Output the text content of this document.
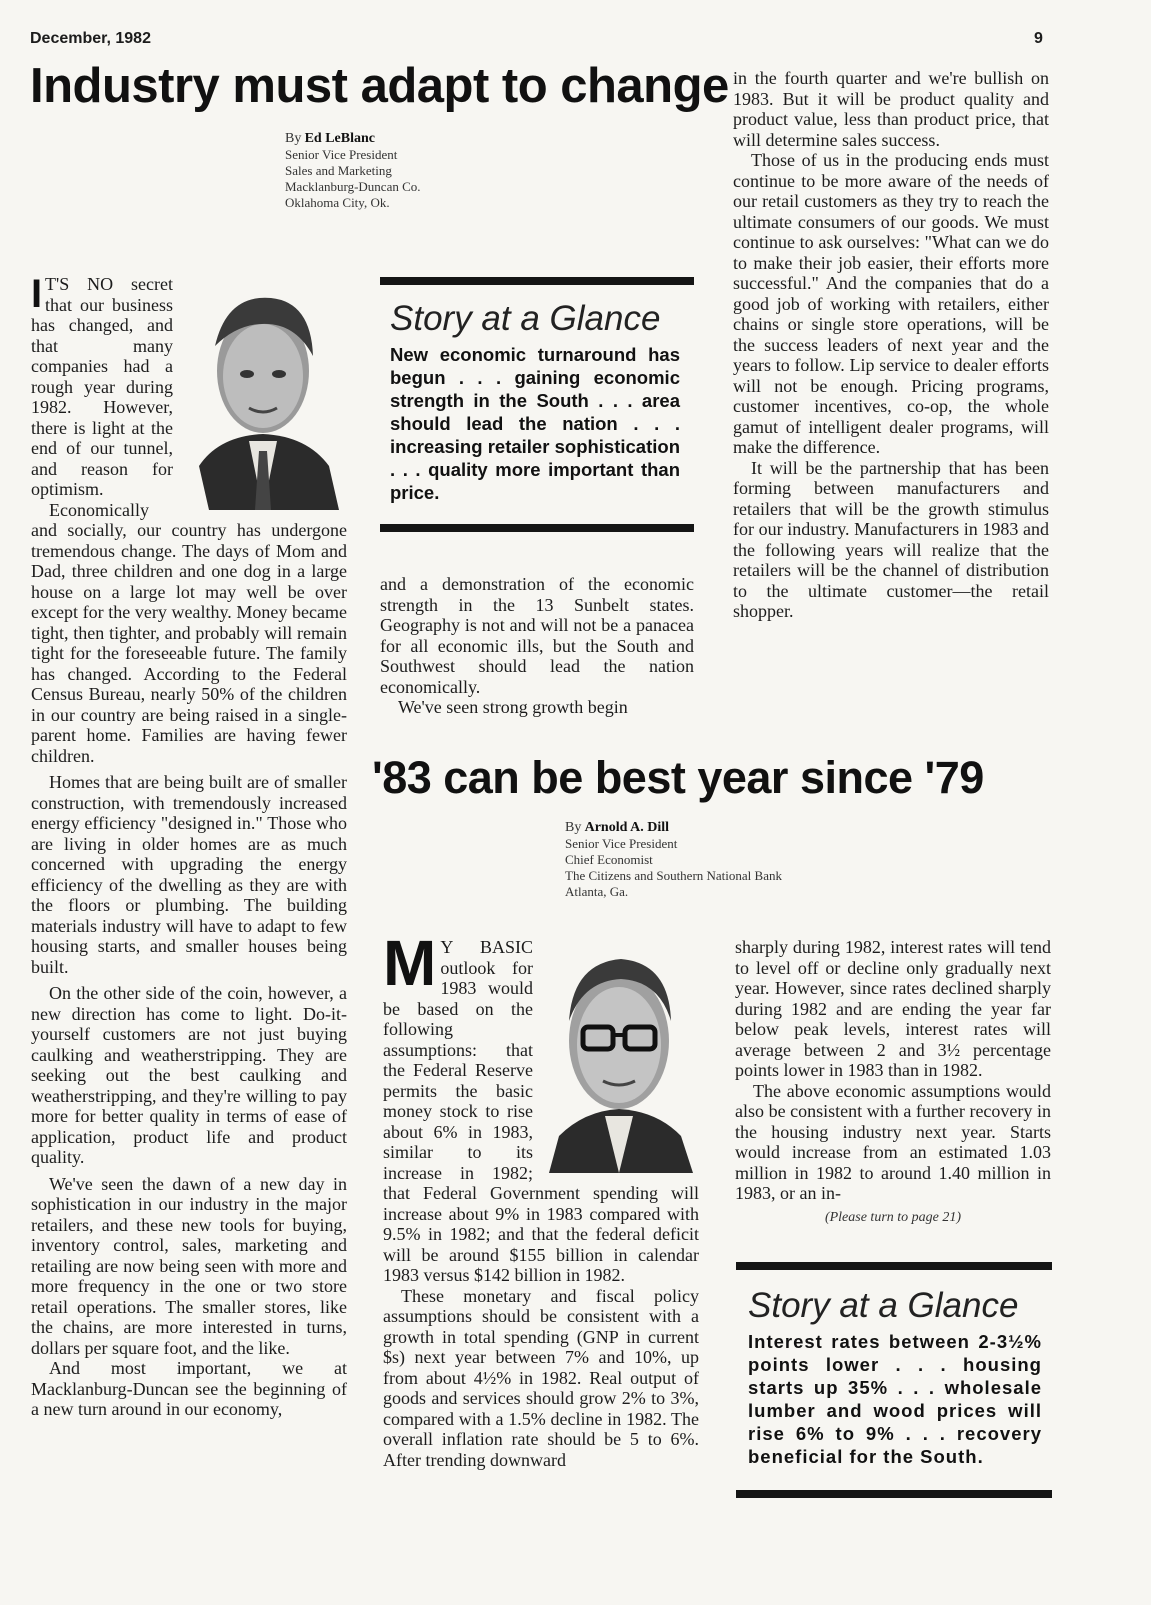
December, 1982	9
Industry must adapt to change
By Ed LeBlanc
Senior Vice President
Sales and Marketing
Macklanburg-Duncan Co.
Oklahoma City, Ok.

I T'S NO secret that our business has changed, and that many companies had a rough year during 1982. However, there is light at the end of our tunnel, and reason for optimism.

Economically and socially, our country has undergone tremendous change. The days of Mom and Dad, three children and one dog in a large house on a large lot may well be over except for the very wealthy. Money became tight, then tighter, and probably will remain tight for the foreseeable future. The family has changed. According to the Federal Census Bureau, nearly 50% of the children in our country are being raised in a single-parent home. Families are having fewer children.

Homes that are being built are of smaller construction, with tremendously increased energy efficiency "designed in." Those who are living in older homes are as much concerned with upgrading the energy efficiency of the dwelling as they are with the floors or plumbing. The building materials industry will have to adapt to few housing starts, and smaller houses being built.

On the other side of the coin, however, a new direction has come to light. Do-it-yourself customers are not just buying caulking and weatherstripping. They are seeking out the best caulking and weatherstripping, and they're willing to pay more for better quality in terms of ease of application, product life and product quality.

We've seen the dawn of a new day in sophistication in our industry in the major retailers, and these new tools for buying, inventory control, sales, marketing and retailing are now being seen with more and more frequency in the one or two store retail operations. The smaller stores, like the chains, are more interested in turns, dollars per square foot, and the like.

And most important, we at Macklanburg-Duncan see the beginning of a new turn around in our economy,

Story at a Glance
New economic turnaround has begun . . . gaining economic strength in the South . . . area should lead the nation . . . increasing retailer sophistication . . . quality more important than price.

and a demonstration of the economic strength in the 13 Sunbelt states. Geography is not and will not be a panacea for all economic ills, but the South and Southwest should lead the nation economically.

We've seen strong growth begin

in the fourth quarter and we're bullish on 1983. But it will be product quality and product value, less than product price, that will determine sales success.

Those of us in the producing ends must continue to be more aware of the needs of our retail customers as they try to reach the ultimate consumers of our goods. We must continue to ask ourselves: "What can we do to make their job easier, their efforts more successful." And the companies that do a good job of working with retailers, either chains or single store operations, will be the success leaders of next year and the years to follow. Lip service to dealer efforts will not be enough. Pricing programs, customer incentives, co-op, the whole gamut of intelligent dealer programs, will make the difference.

It will be the partnership that has been forming between manufacturers and retailers that will be the growth stimulus for our industry. Manufacturers in 1983 and the following years will realize that the retailers will be the channel of distribution to the ultimate customer—the retail shopper.

'83 can be best year since '79
By Arnold A. Dill
Senior Vice President
Chief Economist
The Citizens and Southern National Bank
Atlanta, Ga.

M Y BASIC outlook for 1983 would be based on the following assumptions: that the Federal Reserve permits the basic money stock to rise about 6% in 1983, similar to its increase in 1982; that Federal Government spending will increase about 9% in 1983 compared with 9.5% in 1982; and that the federal deficit will be around $155 billion in calendar 1983 versus $142 billion in 1982.

These monetary and fiscal policy assumptions should be consistent with a growth in total spending (GNP in current $s) next year between 7% and 10%, up from about 4½% in 1982. Real output of goods and services should grow 2% to 3%, compared with a 1.5% decline in 1982. The overall inflation rate should be 5 to 6%. After trending downward

sharply during 1982, interest rates will tend to level off or decline only gradually next year. However, since rates declined sharply during 1982 and are ending the year far below peak levels, interest rates will average between 2 and 3½ percentage points lower in 1983 than in 1982.

The above economic assumptions would also be consistent with a further recovery in the housing industry next year. Starts would increase from an estimated 1.03 million in 1982 to around 1.40 million in 1983, or an in-

(Please turn to page 21)
Story at a Glance
Interest rates between 2-3½% points lower . . . housing starts up 35% . . . wholesale lumber and wood prices will rise 6% to 9% . . . recovery beneficial for the South.
